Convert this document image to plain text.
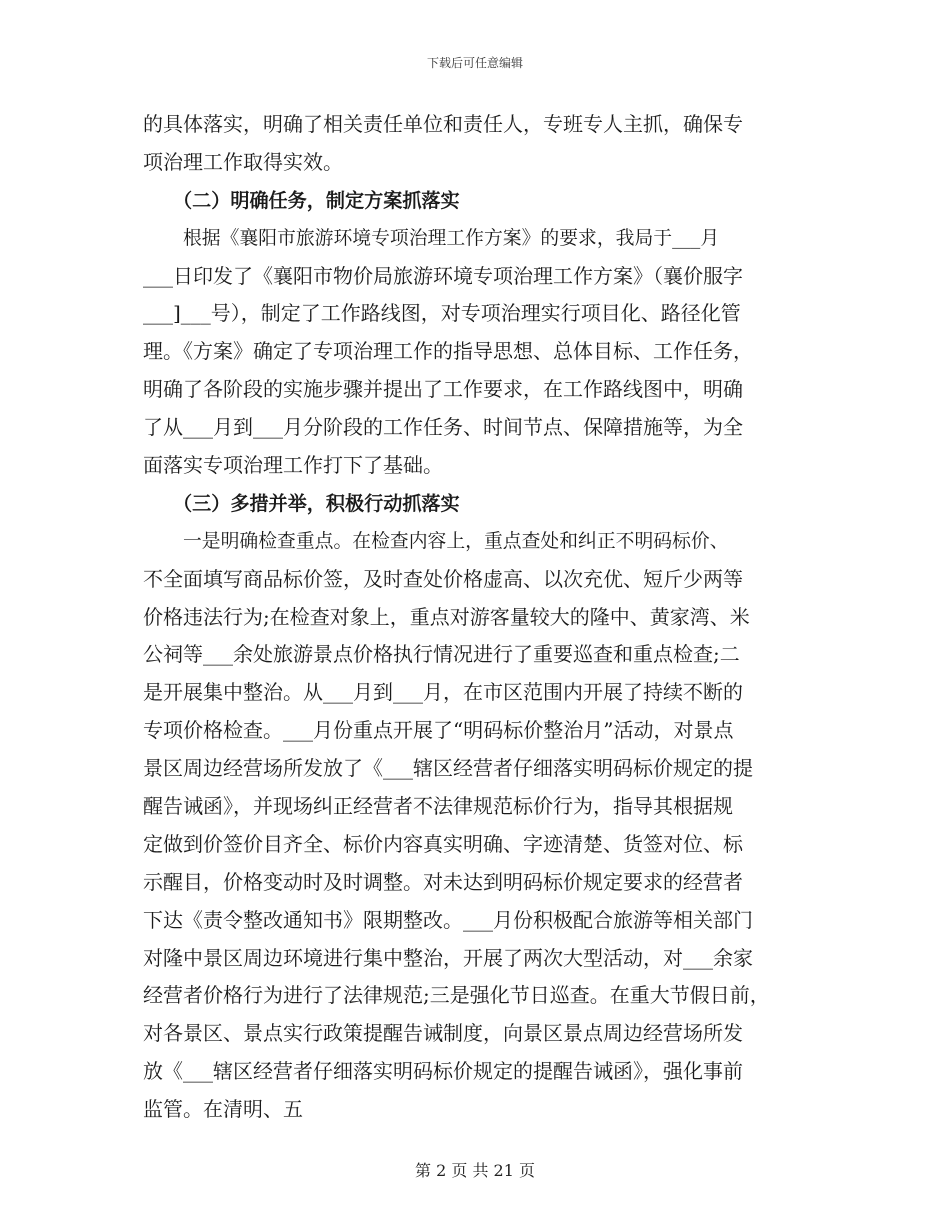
下载后可任意编辑
的具体落实，明确了相关责任单位和责任人，专班专人主抓，确保专
项治理工作取得实效。
（二）明确任务，制定方案抓落实
根据《襄阳市旅游环境专项治理工作方案》的要求，我局于___月
___日印发了《襄阳市物价局旅游环境专项治理工作方案》（襄价服字
___]___号），制定了工作路线图，对专项治理实行项目化、路径化管
理。《方案》确定了专项治理工作的指导思想、总体目标、工作任务，
明确了各阶段的实施步骤并提出了工作要求，在工作路线图中，明确
了从___月到___月分阶段的工作任务、时间节点、保障措施等，为全
面落实专项治理工作打下了基础。
（三）多措并举，积极行动抓落实
一是明确检查重点。在检查内容上，重点查处和纠正不明码标价、
不全面填写商品标价签，及时查处价格虚高、以次充优、短斤少两等
价格违法行为;在检查对象上，重点对游客量较大的隆中、黄家湾、米
公祠等___余处旅游景点价格执行情况进行了重要巡查和重点检查;二
是开展集中整治。从___月到___月，在市区范围内开展了持续不断的
专项价格检查。___月份重点开展了“明码标价整治月”活动，对景点
景区周边经营场所发放了《___辖区经营者仔细落实明码标价规定的提
醒告诫函》，并现场纠正经营者不法律规范标价行为，指导其根据规
定做到价签价目齐全、标价内容真实明确、字迹清楚、货签对位、标
示醒目，价格变动时及时调整。对未达到明码标价规定要求的经营者
下达《责令整改通知书》限期整改。___月份积极配合旅游等相关部门
对隆中景区周边环境进行集中整治，开展了两次大型活动，对___余家
经营者价格行为进行了法律规范;三是强化节日巡查。在重大节假日前，
对各景区、景点实行政策提醒告诫制度，向景区景点周边经营场所发
放《___辖区经营者仔细落实明码标价规定的提醒告诫函》，强化事前
监管。在清明、五
第 2 页 共 21 页
